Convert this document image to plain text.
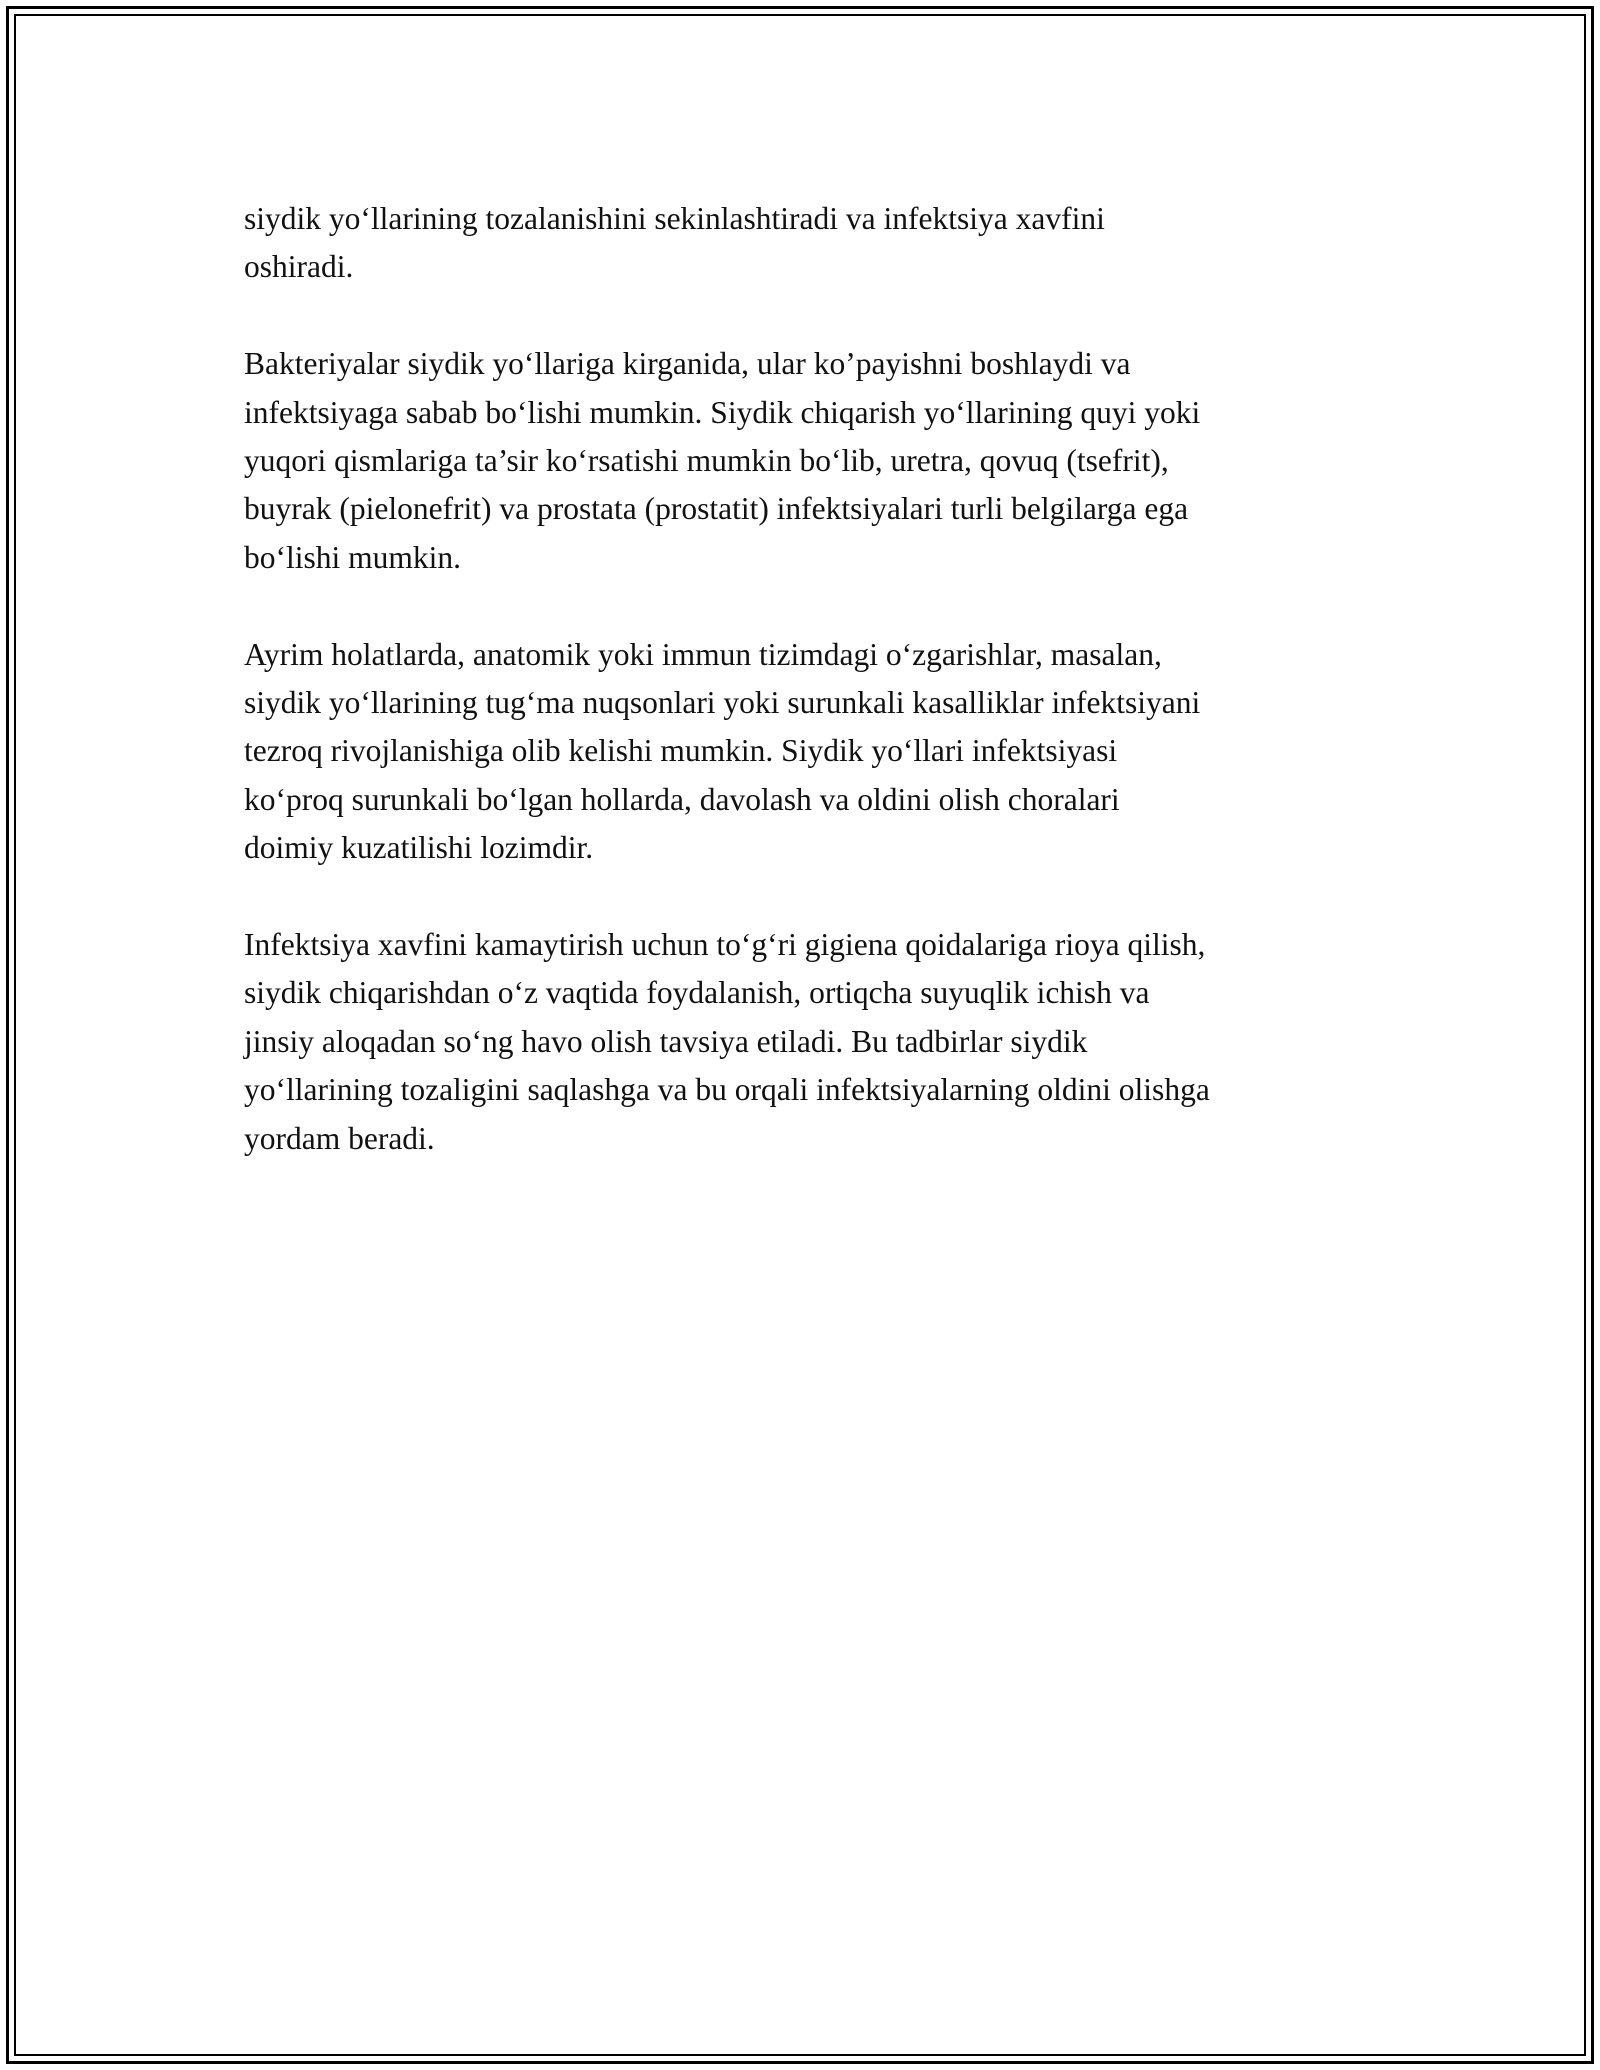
siydik yo‘llarining tozalanishini sekinlashtiradi va infektsiya xavfini
oshiradi.

Bakteriyalar siydik yo‘llariga kirganida, ular ko’payishni boshlaydi va
infektsiyaga sabab bo‘lishi mumkin. Siydik chiqarish yo‘llarining quyi yoki
yuqori qismlariga ta’sir ko‘rsatishi mumkin bo‘lib, uretra, qovuq (tsefrit),
buyrak (pielonefrit) va prostata (prostatit) infektsiyalari turli belgilarga ega
bo‘lishi mumkin.

Ayrim holatlarda, anatomik yoki immun tizimdagi o‘zgarishlar, masalan,
siydik yo‘llarining tug‘ma nuqsonlari yoki surunkali kasalliklar infektsiyani
tezroq rivojlanishiga olib kelishi mumkin. Siydik yo‘llari infektsiyasi
ko‘proq surunkali bo‘lgan hollarda, davolash va oldini olish choralari
doimiy kuzatilishi lozimdir.

Infektsiya xavfini kamaytirish uchun to‘g‘ri gigiena qoidalariga rioya qilish,
siydik chiqarishdan o‘z vaqtida foydalanish, ortiqcha suyuqlik ichish va
jinsiy aloqadan so‘ng havo olish tavsiya etiladi. Bu tadbirlar siydik
yo‘llarining tozaligini saqlashga va bu orqali infektsiyalarning oldini olishga
yordam beradi.
